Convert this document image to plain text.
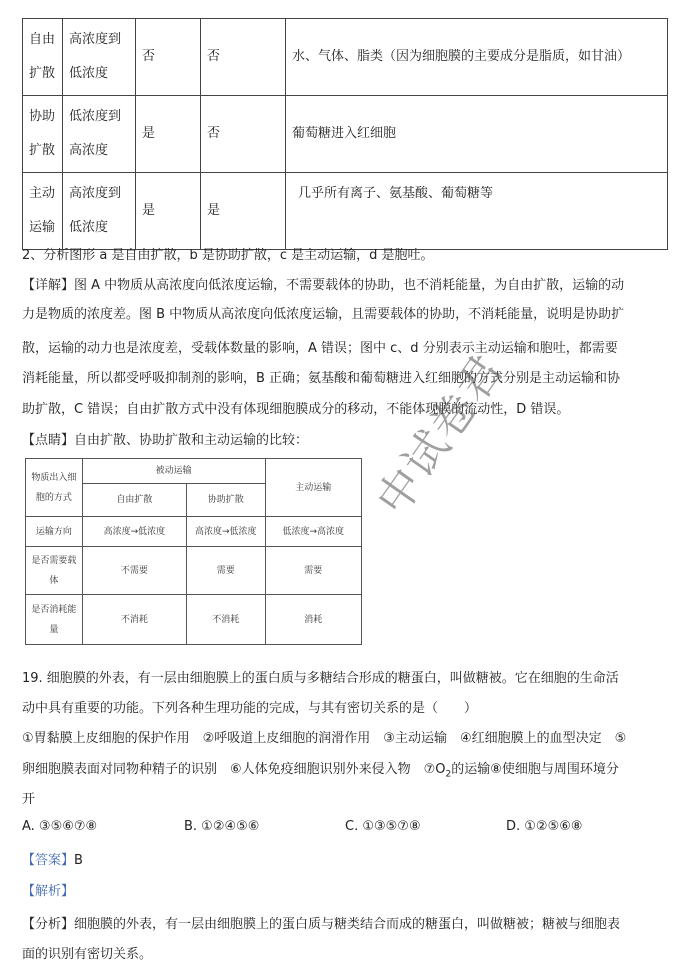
自由扩散	高浓度到低浓度	否	否	水、气体、脂类（因为细胞膜的主要成分是脂质，如甘油）
协助扩散	低浓度到高浓度	是	否	葡萄糖进入红细胞
主动运输	高浓度到低浓度	是	是	几乎所有离子、氨基酸、葡萄糖等
2、分析图形 a 是自由扩散，b 是协助扩散，c 是主动运输，d 是胞吐。
【详解】图 A 中物质从高浓度向低浓度运输，不需要载体的协助，也不消耗能量，为自由扩散，运输的动
力是物质的浓度差。图 B 中物质从高浓度向低浓度运输，且需要载体的协助，不消耗能量，说明是协助扩
散，运输的动力也是浓度差，受载体数量的影响，A 错误；图中 c、d 分别表示主动运输和胞吐，都需要
消耗能量，所以都受呼吸抑制剂的影响，B 正确；氨基酸和葡萄糖进入红细胞的方式分别是主动运输和协
助扩散，C 错误；自由扩散方式中没有体现细胞膜成分的移动，不能体现膜的流动性，D 错误。
【点睛】自由扩散、协助扩散和主动运输的比较：
物质出入细胞的方式	被动运输		主动运输
	自由扩散	协助扩散	
运输方向	高浓度→低浓度	高浓度→低浓度	低浓度→高浓度
是否需要载体	不需要	需要	需要
是否消耗能量	不消耗	不消耗	消耗
中试卷君
19. 细胞膜的外表，有一层由细胞膜上的蛋白质与多糖结合形成的糖蛋白，叫做糖被。它在细胞的生命活
动中具有重要的功能。下列各种生理功能的完成，与其有密切关系的是（　　）
①胃黏膜上皮细胞的保护作用　②呼吸道上皮细胞的润滑作用　③主动运输　④红细胞膜上的血型决定　⑤
卵细胞膜表面对同物种精子的识别　⑥人体免疫细胞识别外来侵入物　$⑦O_2$的运输⑧使细胞与周围环境分
开
A. ③⑤⑥⑦⑧	B. ①②④⑤⑥	C. ①③⑤⑦⑧	D. ①②⑤⑥⑧
【答案】B
【解析】
【分析】细胞膜的外表，有一层由细胞膜上的蛋白质与糖类结合而成的糖蛋白，叫做糖被；糖被与细胞表
面的识别有密切关系。
